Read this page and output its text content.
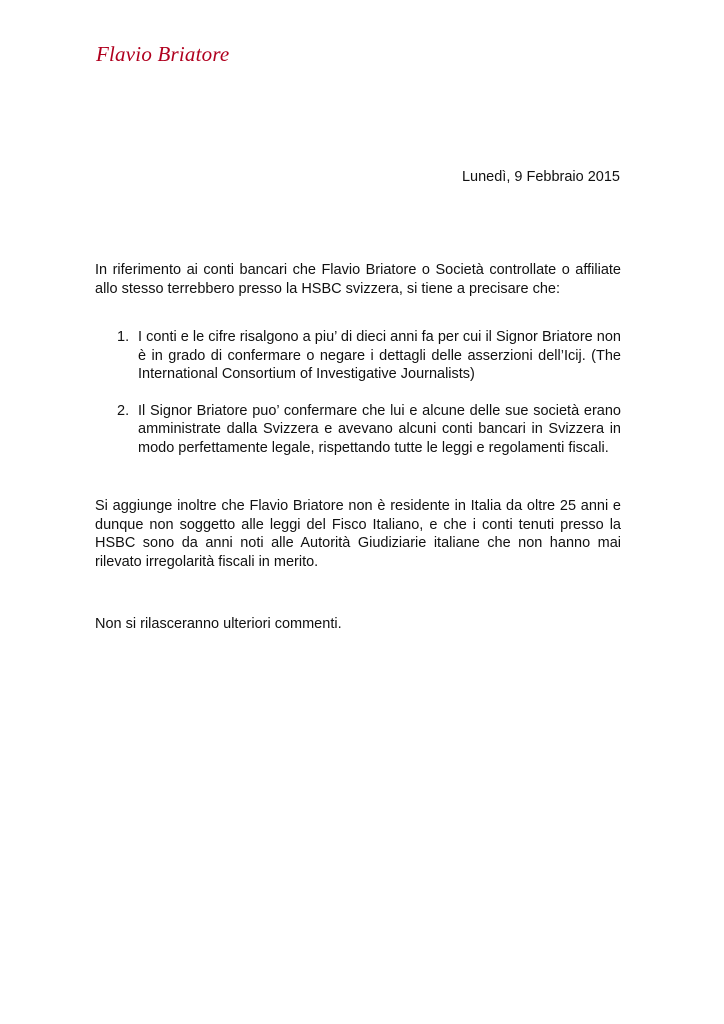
Flavio Briatore
Lunedì, 9 Febbraio 2015
In riferimento ai conti bancari che Flavio Briatore o Società controllate o affiliate allo stesso terrebbero presso la HSBC svizzera, si tiene a precisare che:
1. I conti e le cifre risalgono a piu’ di dieci anni fa per cui il Signor Briatore non è in grado di confermare o negare i dettagli delle asserzioni dell’Icij. (The International Consortium of Investigative Journalists)
2. Il Signor Briatore puo’ confermare che lui e alcune delle sue società erano amministrate dalla Svizzera e avevano alcuni conti bancari in Svizzera in modo perfettamente legale, rispettando tutte le leggi e regolamenti fiscali.
Si aggiunge inoltre che Flavio Briatore non è residente in Italia da oltre 25 anni e dunque non soggetto alle leggi del Fisco Italiano, e che i conti tenuti presso la HSBC sono da anni noti alle Autorità Giudiziarie italiane che non hanno mai rilevato irregolarità fiscali in merito.
Non si rilasceranno ulteriori commenti.
